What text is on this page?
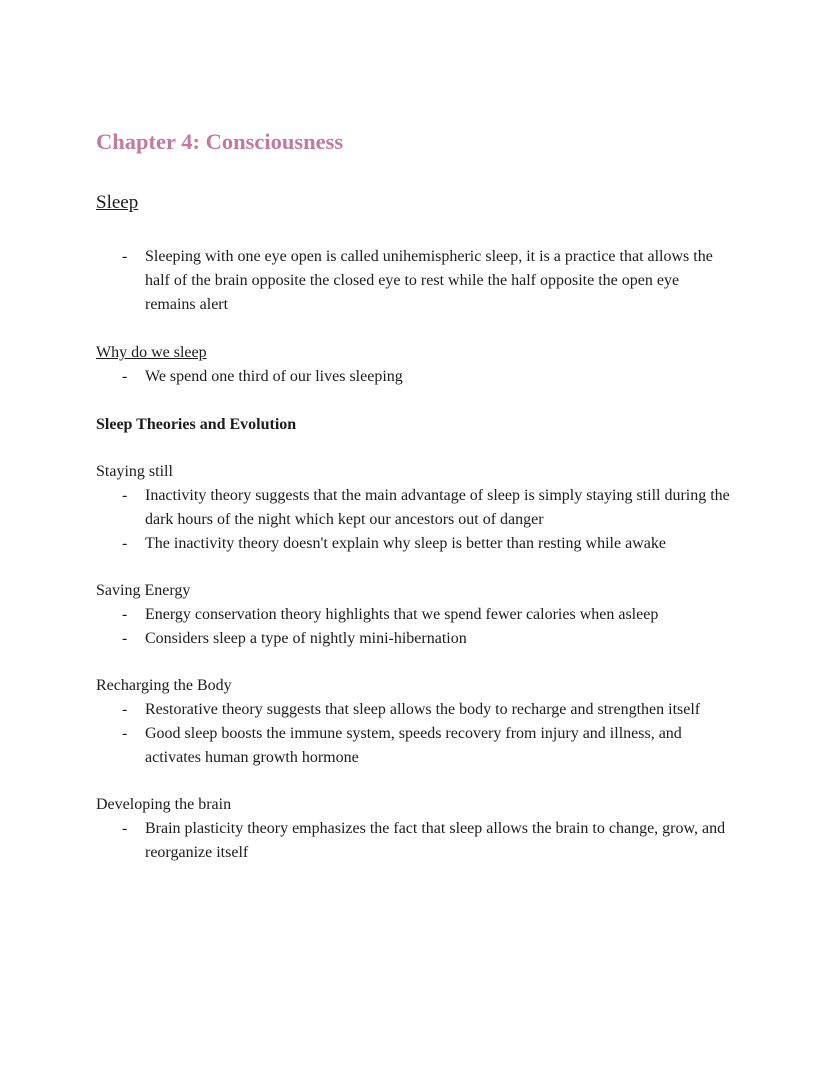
Chapter 4: Consciousness
Sleep
-	Sleeping with one eye open is called unihemispheric sleep, it is a practice that allows the half of the brain opposite the closed eye to rest while the half opposite the open eye remains alert
Why do we sleep
-	We spend one third of our lives sleeping
Sleep Theories and Evolution
Staying still
-	Inactivity theory suggests that the main advantage of sleep is simply staying still during the dark hours of the night which kept our ancestors out of danger
-	The inactivity theory doesn't explain why sleep is better than resting while awake
Saving Energy
-	Energy conservation theory highlights that we spend fewer calories when asleep
-	Considers sleep a type of nightly mini-hibernation
Recharging the Body
-	Restorative theory suggests that sleep allows the body to recharge and strengthen itself
-	Good sleep boosts the immune system, speeds recovery from injury and illness, and activates human growth hormone
Developing the brain
-	Brain plasticity theory emphasizes the fact that sleep allows the brain to change, grow, and reorganize itself
